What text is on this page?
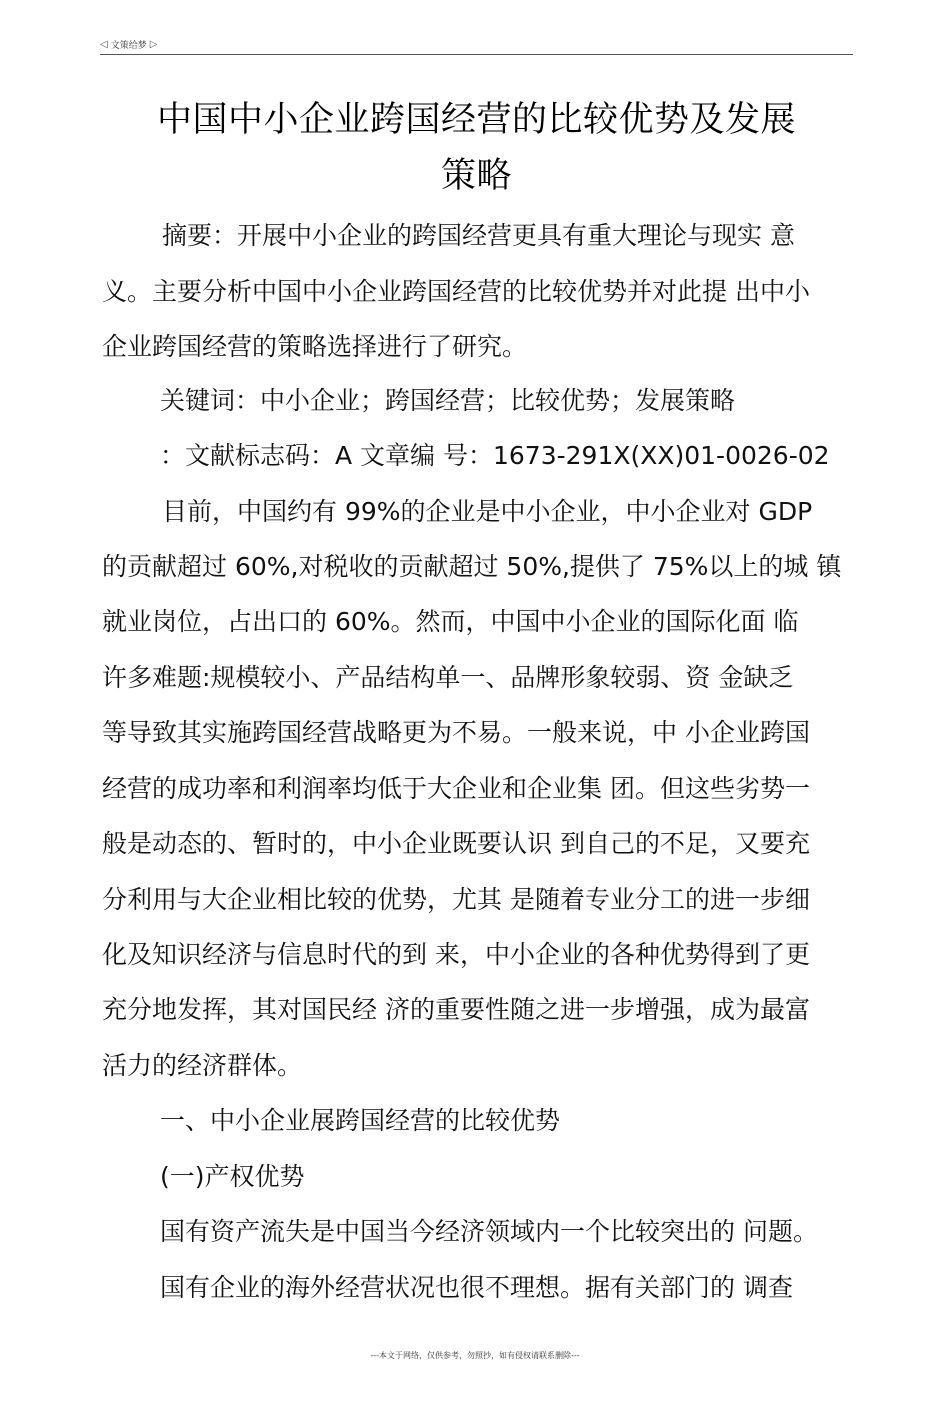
◁ 文策给梦 ▷
中国中小企业跨国经营的比较优势及发展
策略
摘要：开展中小企业的跨国经营更具有重大理论与现实 意
义。主要分析中国中小企业跨国经营的比较优势并对此提 出中小
企业跨国经营的策略选择进行了研究。
关键词：中小企业；跨国经营；比较优势；发展策略
：文献标志码：A 文章编 号：1673-291X(XX)01-0026-02
目前，中国约有 99%的企业是中小企业，中小企业对 GDP
的贡献超过 60%,对税收的贡献超过 50%,提供了 75%以上的城 镇
就业岗位，占出口的 60%。然而，中国中小企业的国际化面 临
许多难题:规模较小、产品结构单一、品牌形象较弱、资 金缺乏
等导致其实施跨国经营战略更为不易。一般来说，中 小企业跨国
经营的成功率和利润率均低于大企业和企业集 团。但这些劣势一
般是动态的、暂时的，中小企业既要认识 到自己的不足，又要充
分利用与大企业相比较的优势，尤其 是随着专业分工的进一步细
化及知识经济与信息时代的到 来，中小企业的各种优势得到了更
充分地发挥，其对国民经 济的重要性随之进一步增强，成为最富
活力的经济群体。
一、中小企业展跨国经营的比较优势
(一)产权优势
国有资产流失是中国当今经济领域内一个比较突出的 问题。
国有企业的海外经营状况也很不理想。据有关部门的 调查
---本文于网络，仅供参考，勿照抄，如有侵权请联系删除---
